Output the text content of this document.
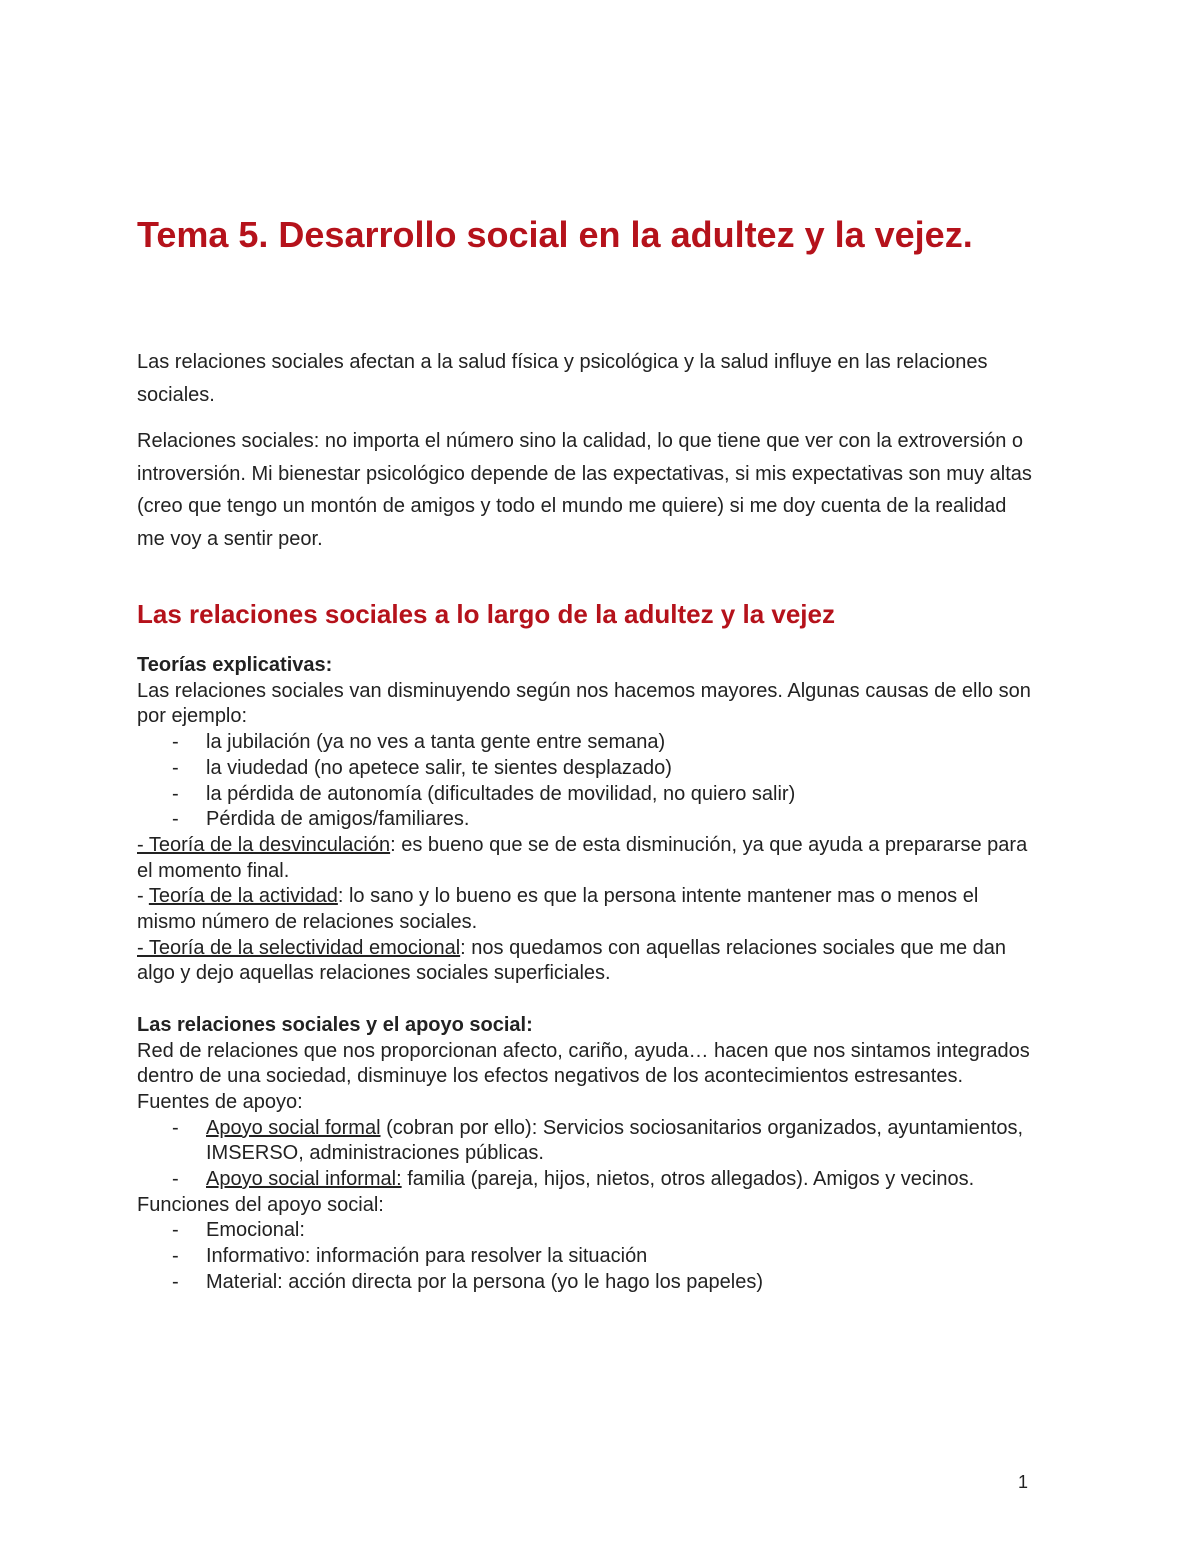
Tema 5. Desarrollo social en la adultez y la vejez.

Las relaciones sociales afectan a la salud física y psicológica y la salud influye en las relaciones sociales.

Relaciones sociales: no importa el número sino la calidad, lo que tiene que ver con la extroversión o introversión. Mi bienestar psicológico depende de las expectativas, si mis expectativas son muy altas (creo que tengo un montón de amigos y todo el mundo me quiere) si me doy cuenta de la realidad me voy a sentir peor.

Las relaciones sociales a lo largo de la adultez y la vejez

Teorías explicativas:

Las relaciones sociales van disminuyendo según nos hacemos mayores. Algunas causas de ello son por ejemplo:

- la jubilación (ya no ves a tanta gente entre semana)
- la viudedad (no apetece salir, te sientes desplazado)
- la pérdida de autonomía (dificultades de movilidad, no quiero salir)
- Pérdida de amigos/familiares.

- Teoría de la desvinculación: es bueno que se de esta disminución, ya que ayuda a prepararse para el momento final.

- Teoría de la actividad: lo sano y lo bueno es que la persona intente mantener mas o menos el mismo número de relaciones sociales.

- Teoría de la selectividad emocional: nos quedamos con aquellas relaciones sociales que me dan algo y dejo aquellas relaciones sociales superficiales.

Las relaciones sociales y el apoyo social:

Red de relaciones que nos proporcionan afecto, cariño, ayuda… hacen que nos sintamos integrados dentro de una sociedad, disminuye los efectos negativos de los acontecimientos estresantes.

Fuentes de apoyo:

- Apoyo social formal (cobran por ello): Servicios sociosanitarios organizados, ayuntamientos, IMSERSO, administraciones públicas.
- Apoyo social informal: familia (pareja, hijos, nietos, otros allegados). Amigos y vecinos.

Funciones del apoyo social:

- Emocional:
- Informativo: información para resolver la situación
- Material: acción directa por la persona (yo le hago los papeles)
1
